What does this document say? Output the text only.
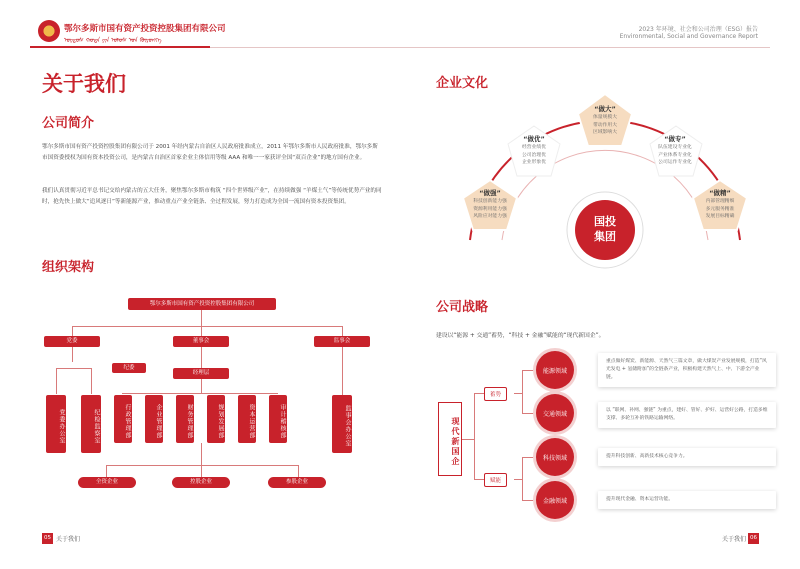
鄂尔多斯市国有资产投资控股集团有限公司
ᠣᠷᠳᠣᠰ ᠬᠣᠲᠠ ᠶᠢᠨ ᠤᠯᠤᠰ ᠤᠨ ᠬᠥᠷᠥᠩᠭᠡ
2023 年环境、社会和公司治理（ESG）报告
Environmental, Social and Governance Report
关于我们
公司简介
鄂尔多斯市国有资产投资控股集团有限公司于 2001 年经内蒙古自治区人民政府批准成立，2011 年鄂尔多斯市人民政府批准，鄂尔多斯市国资委授权为国有资本投资公司，是内蒙古自治区首家企业主体信用等级 AAA 和唯一一家获评全国“双百企业”的地方国有企业。
我们认真贯彻习近平总书记交给内蒙古的五大任务，聚焦鄂尔多斯市构筑 “四个世界级产业”，在持续做强 “羊煤土气”等传统优势产业的同时，抢先快上做大“追风逐日”等新能源产业，推动重点产业全链条、全过程发展，努力打造成为全国一流国有资本投资集团。
组织架构
鄂尔多斯市国有资产投资控股集团有限公司
党委	董事会	监事会
纪委
经理层
党委办公室	纪检监察室	行政管理部	企业管理部	财务管理部	规划发展部	资本运营部	审计稽核部	监事会办公室
全资企业	控股企业	参股企业
05 关于我们
企业文化
国投
集团
“做大”
体量规模大
带动作用大
区域影响大
“做优”
经营业绩优
公司治理优
企业形象优
“做专”
队伍建设专业化
产业体系专业化
公司运作专业化
“做强”
科技创新能力强
资源利用能力强
风险应对能力强
“做精”
内部管理精细
多元服务精准
发展目标精确
公司战略
建设以“能源 + 交通”蓄势，“科技 + 金融”赋能的“现代新国企”。
现代新国企
蓄势
赋能
能源领域
重点做好煤炭、新能源、天然气三篇文章，做大煤炭产业发展规模，打造“风光发电 + 氢储附加”的全链条产业，积极构建天然气上、中、下游全产业链。
交通领域	以 “联网、补网、强链” 为重点，建好、管好、护好、运营好公路，打造多维支撑、多轮互补的铁路运输网络。
科技领域	提升科技创新、高新技术核心竞争力。
金融领域	提升现代金融、资本运营功能。
关于我们 06
